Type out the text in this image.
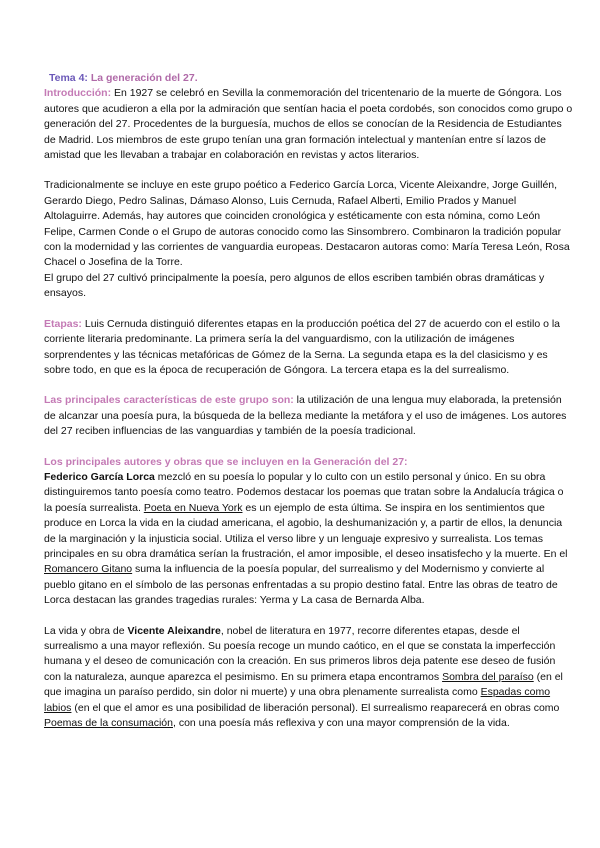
Tema 4: La generación del 27.

Introducción: En 1927 se celebró en Sevilla la conmemoración del tricentenario de la muerte de Góngora. Los autores que acudieron a ella por la admiración que sentían hacia el poeta cordobés, son conocidos como grupo o generación del 27. Procedentes de la burguesía, muchos de ellos se conocían de la Residencia de Estudiantes de Madrid. Los miembros de este grupo tenían una gran formación intelectual y mantenían entre sí lazos de amistad que les llevaban a trabajar en colaboración en revistas y actos literarios.

Tradicionalmente se incluye en este grupo poético a Federico García Lorca, Vicente Aleixandre, Jorge Guillén, Gerardo Diego, Pedro Salinas, Dámaso Alonso, Luis Cernuda, Rafael Alberti, Emilio Prados y Manuel Altolaguirre. Además, hay autores que coinciden cronológica y estéticamente con esta nómina, como León Felipe, Carmen Conde o el Grupo de autoras conocido como las Sinsombrero. Combinaron la tradición popular con la modernidad y las corrientes de vanguardia europeas. Destacaron autoras como: María Teresa León, Rosa Chacel o Josefina de la Torre.

El grupo del 27 cultivó principalmente la poesía, pero algunos de ellos escriben también obras dramáticas y ensayos.

Etapas: Luis Cernuda distinguió diferentes etapas en la producción poética del 27 de acuerdo con el estilo o la corriente literaria predominante. La primera sería la del vanguardismo, con la utilización de imágenes sorprendentes y las técnicas metafóricas de Gómez de la Serna. La segunda etapa es la del clasicismo y es sobre todo, en que es la época de recuperación de Góngora. La tercera etapa es la del surrealismo.

Las principales características de este grupo son: la utilización de una lengua muy elaborada, la pretensión de alcanzar una poesía pura, la búsqueda de la belleza mediante la metáfora y el uso de imágenes. Los autores del 27 reciben influencias de las vanguardias y también de la poesía tradicional.

Los principales autores y obras que se incluyen en la Generación del 27:

Federico García Lorca mezcló en su poesía lo popular y lo culto con un estilo personal y único. En su obra distinguiremos tanto poesía como teatro. Podemos destacar los poemas que tratan sobre la Andalucía trágica o la poesía surrealista. Poeta en Nueva York es un ejemplo de esta última. Se inspira en los sentimientos que produce en Lorca la vida en la ciudad americana, el agobio, la deshumanización y, a partir de ellos, la denuncia de la marginación y la injusticia social. Utiliza el verso libre y un lenguaje expresivo y surrealista. Los temas principales en su obra dramática serían la frustración, el amor imposible, el deseo insatisfecho y la muerte. En el Romancero Gitano suma la influencia de la poesía popular, del surrealismo y del Modernismo y convierte al pueblo gitano en el símbolo de las personas enfrentadas a su propio destino fatal. Entre las obras de teatro de Lorca destacan las grandes tragedias rurales: Yerma y La casa de Bernarda Alba.

La vida y obra de Vicente Aleixandre, nobel de literatura en 1977, recorre diferentes etapas, desde el surrealismo a una mayor reflexión. Su poesía recoge un mundo caótico, en el que se constata la imperfección humana y el deseo de comunicación con la creación. En sus primeros libros deja patente ese deseo de fusión con la naturaleza, aunque aparezca el pesimismo. En su primera etapa encontramos Sombra del paraíso (en el que imagina un paraíso perdido, sin dolor ni muerte) y una obra plenamente surrealista como Espadas como labios (en el que el amor es una posibilidad de liberación personal). El surrealismo reaparecerá en obras como Poemas de la consumación, con una poesía más reflexiva y con una mayor comprensión de la vida.
